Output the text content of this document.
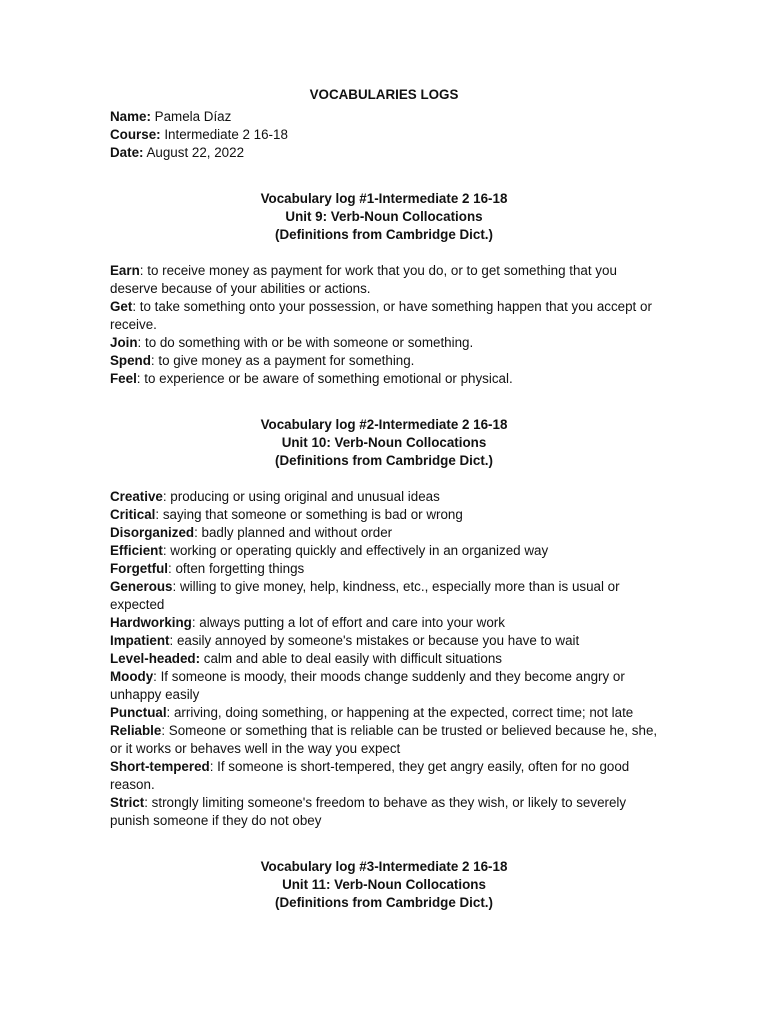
VOCABULARIES LOGS
Name: Pamela Díaz
Course: Intermediate 2 16-18
Date: August 22, 2022
Vocabulary log #1-Intermediate 2 16-18
Unit 9: Verb-Noun Collocations
(Definitions from Cambridge Dict.)
Earn: to receive money as payment for work that you do, or to get something that you deserve because of your abilities or actions.
Get: to take something onto your possession, or have something happen that you accept or receive.
Join: to do something with or be with someone or something.
Spend: to give money as a payment for something.
Feel: to experience or be aware of something emotional or physical.
Vocabulary log #2-Intermediate 2 16-18
Unit 10: Verb-Noun Collocations
(Definitions from Cambridge Dict.)
Creative: producing or using original and unusual ideas
Critical: saying that someone or something is bad or wrong
Disorganized: badly planned and without order
Efficient: working or operating quickly and effectively in an organized way
Forgetful: often forgetting things
Generous: willing to give money, help, kindness, etc., especially more than is usual or expected
Hardworking: always putting a lot of effort and care into your work
Impatient: easily annoyed by someone's mistakes or because you have to wait
Level-headed: calm and able to deal easily with difficult situations
Moody: If someone is moody, their moods change suddenly and they become angry or unhappy easily
Punctual: arriving, doing something, or happening at the expected, correct time; not late
Reliable: Someone or something that is reliable can be trusted or believed because he, she, or it works or behaves well in the way you expect
Short-tempered: If someone is short-tempered, they get angry easily, often for no good reason.
Strict: strongly limiting someone's freedom to behave as they wish, or likely to severely punish someone if they do not obey
Vocabulary log #3-Intermediate 2 16-18
Unit 11: Verb-Noun Collocations
(Definitions from Cambridge Dict.)
